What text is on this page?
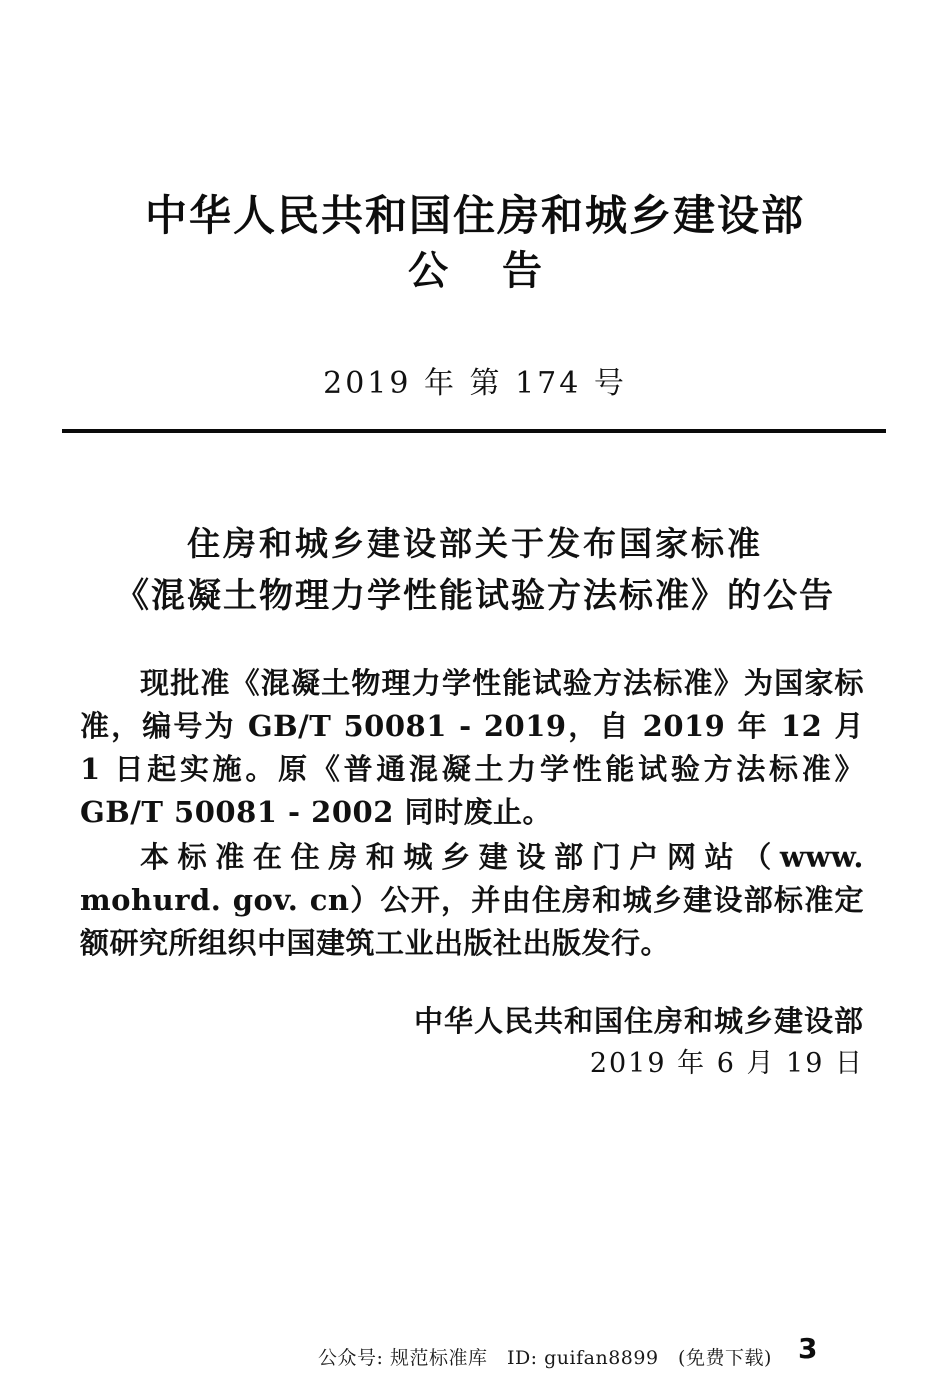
中华人民共和国住房和城乡建设部
公告
2019 年 第 174 号
住房和城乡建设部关于发布国家标准
《混凝土物理力学性能试验方法标准》的公告

现批准《混凝土物理力学性能试验方法标准》为国家标准，编号为 GB/T 50081 - 2019，自 2019 年 12 月 1 日起实施。原《普通混凝土力学性能试验方法标准》GB/T 50081 - 2002 同时废止。

本标准在住房和城乡建设部门户网站（www. mohurd. gov. cn）公开，并由住房和城乡建设部标准定额研究所组织中国建筑工业出版社出版发行。

中华人民共和国住房和城乡建设部
2019 年 6 月 19 日
公众号: 规范标准库　ID: guifan8899　(免费下载) 3
